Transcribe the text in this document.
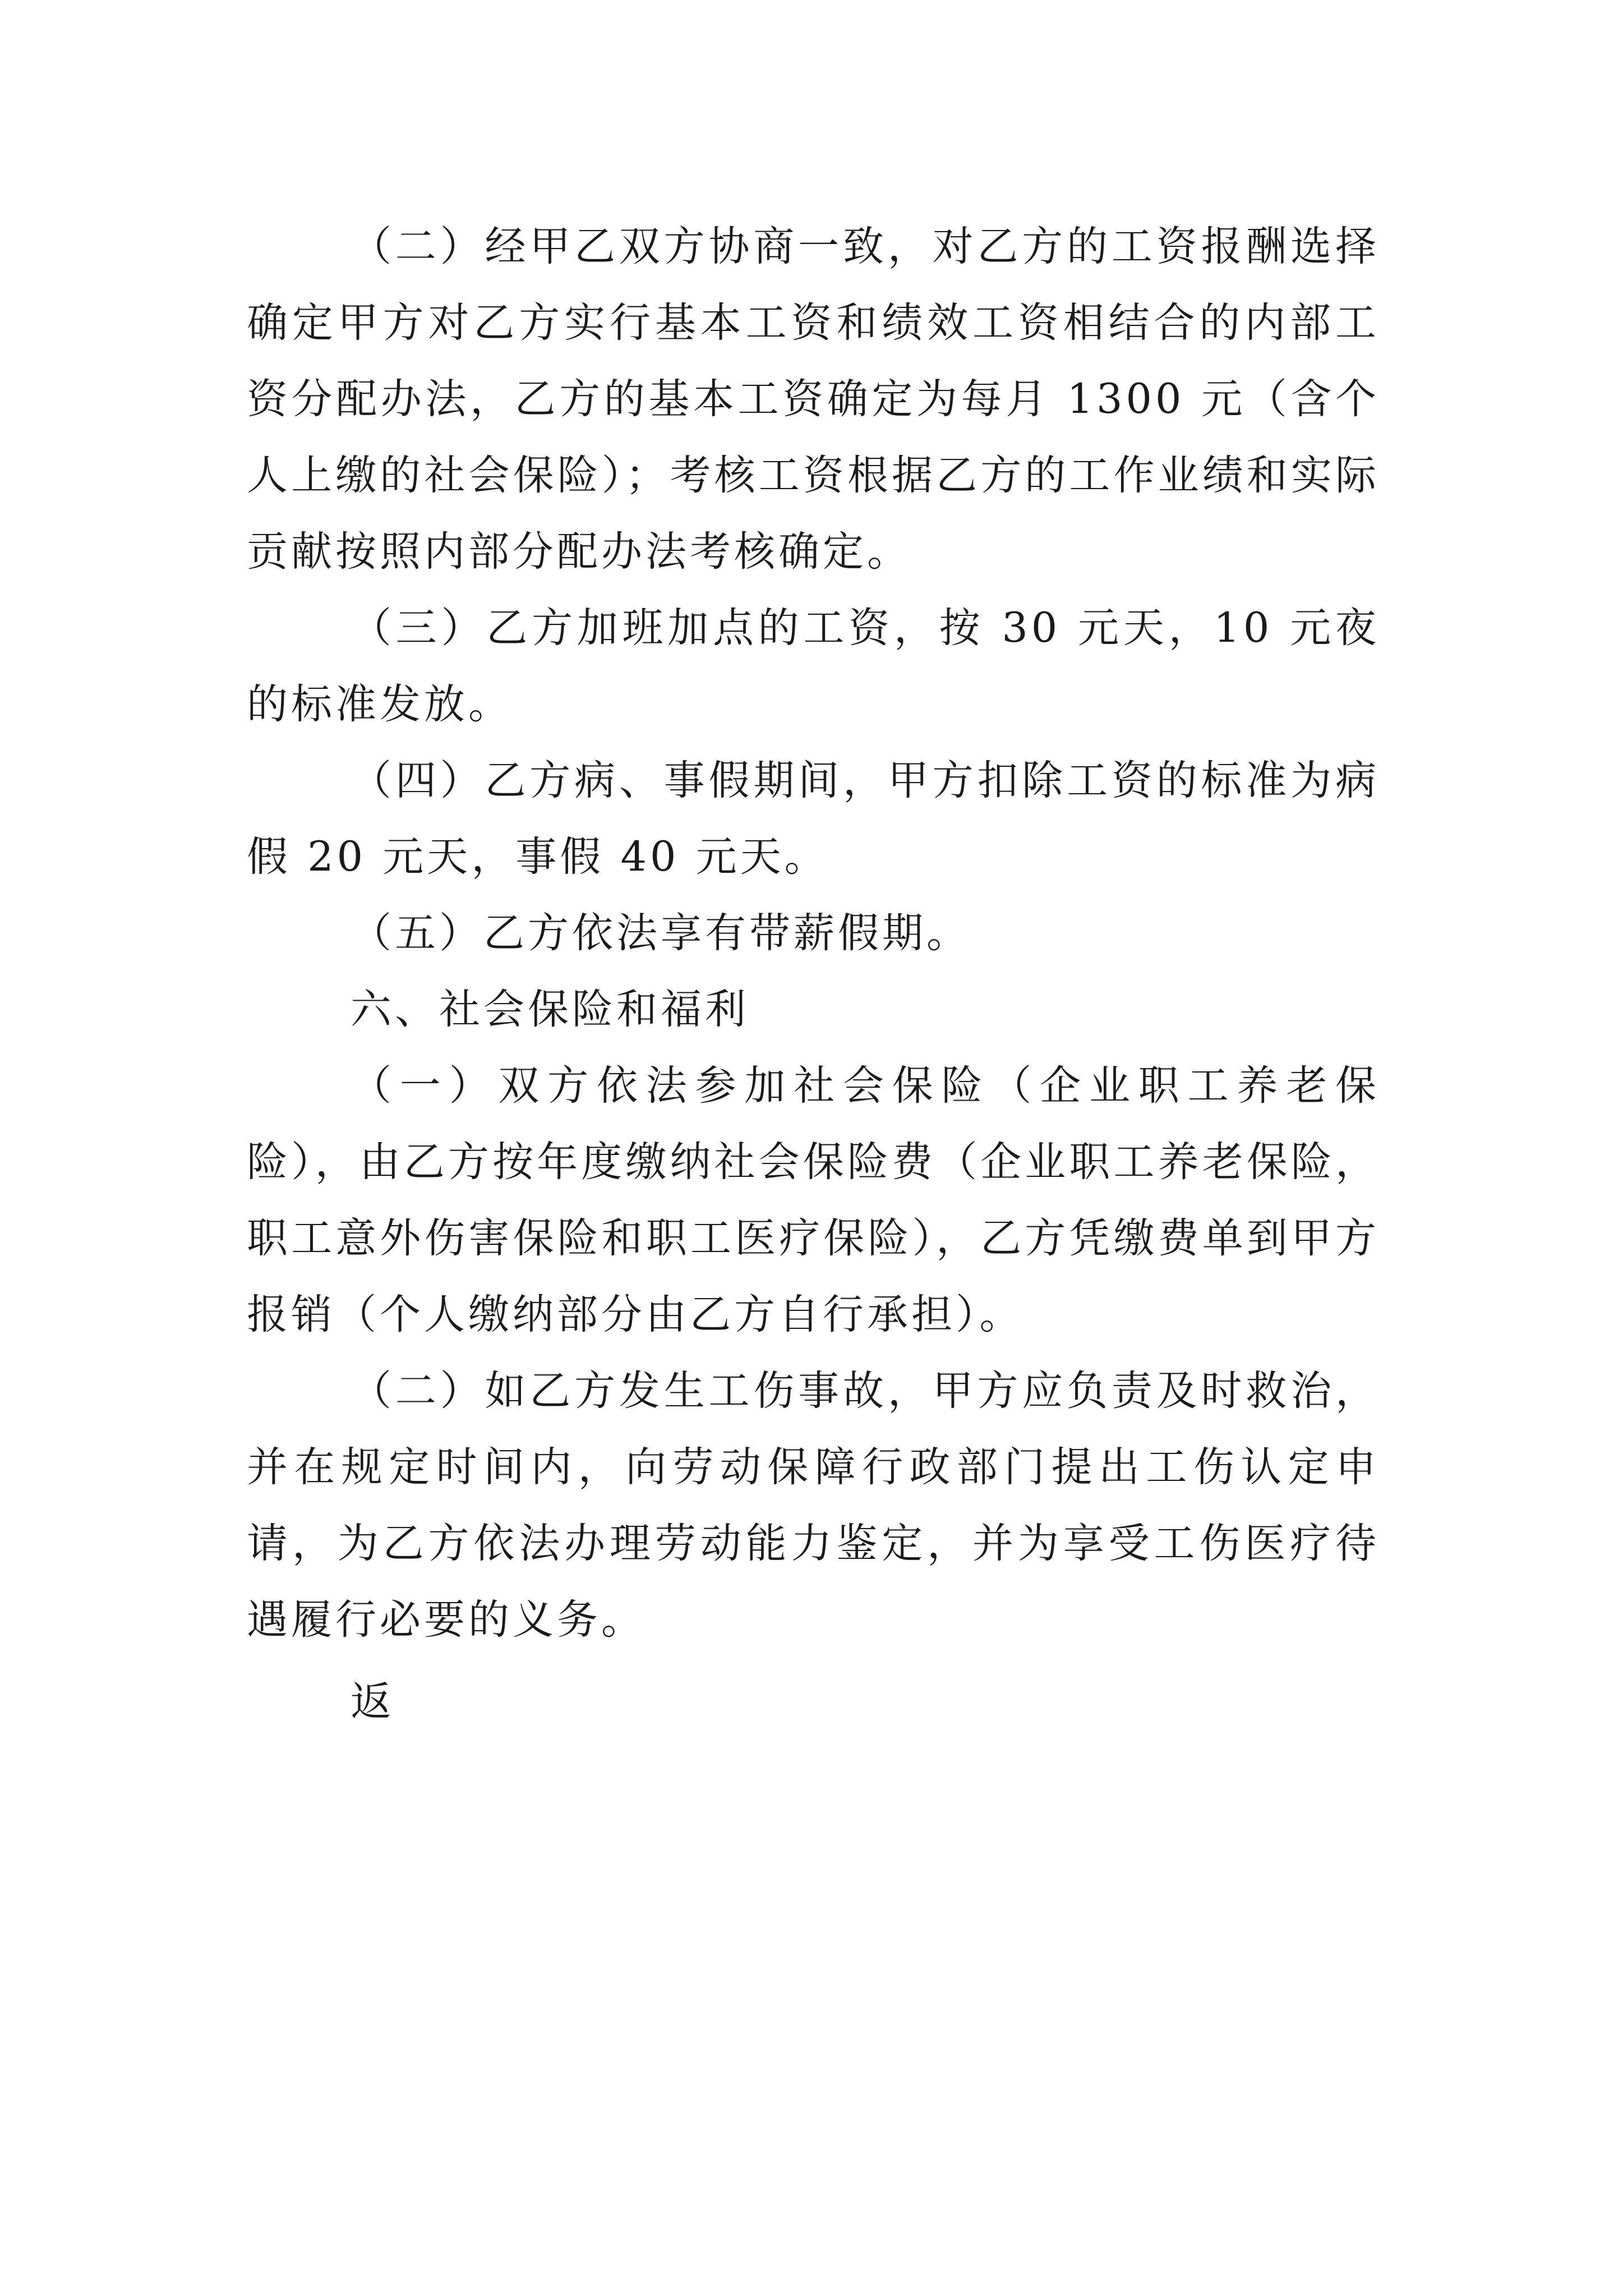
（二）经甲乙双方协商一致，对乙方的工资报酬选择确定甲方对乙方实行基本工资和绩效工资相结合的内部工资分配办法，乙方的基本工资确定为每月 1300 元（含个人上缴的社会保险）；考核工资根据乙方的工作业绩和实际贡献按照内部分配办法考核确定。

（三）乙方加班加点的工资，按 30 元天，10 元夜的标准发放。

（四）乙方病、事假期间，甲方扣除工资的标准为病假 20 元天，事假 40 元天。

（五）乙方依法享有带薪假期。

六、社会保险和福利

（一）双方依法参加社会保险（企业职工养老保险），由乙方按年度缴纳社会保险费（企业职工养老保险，职工意外伤害保险和职工医疗保险），乙方凭缴费单到甲方报销（个人缴纳部分由乙方自行承担）。

（二）如乙方发生工伤事故，甲方应负责及时救治，并在规定时间内，向劳动保障行政部门提出工伤认定申请，为乙方依法办理劳动能力鉴定，并为享受工伤医疗待遇履行必要的义务。

返
